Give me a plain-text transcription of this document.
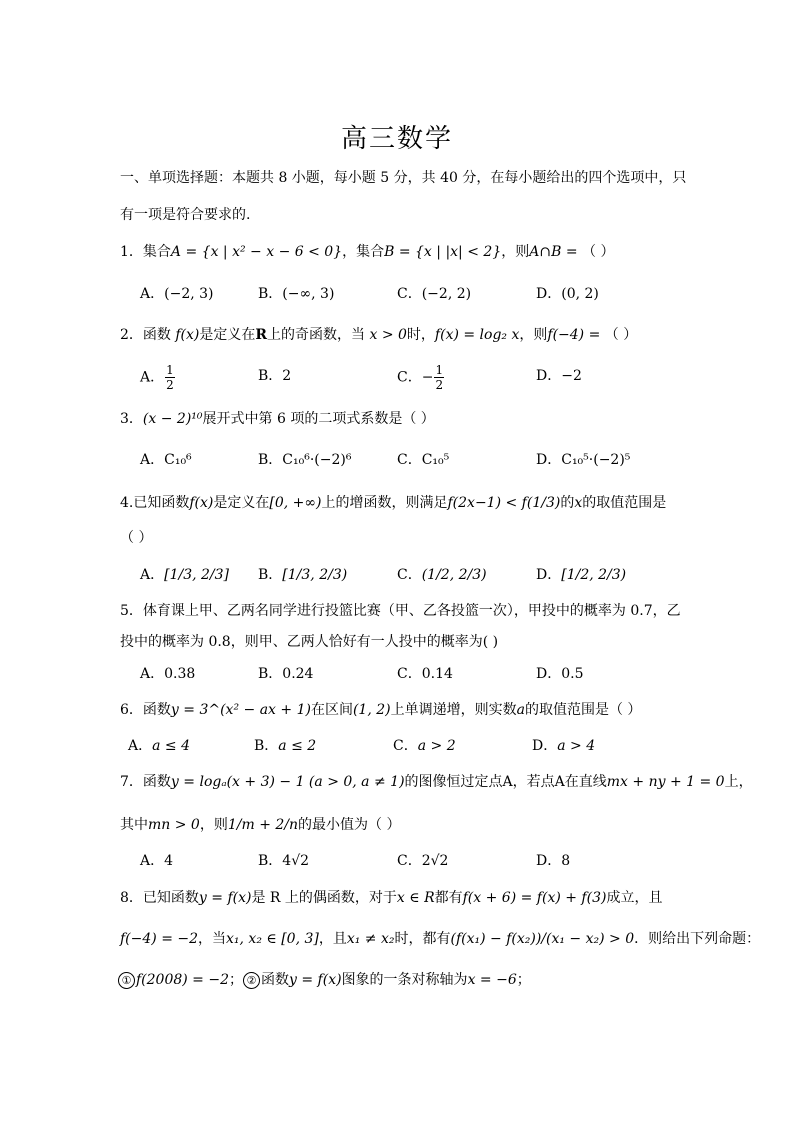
高三数学
一、单项选择题：本题共 8 小题，每小题 5 分，共 40 分，在每小题给出的四个选项中，只
有一项是符合要求的.
1．集合A = {x | x² − x − 6 < 0}，集合B = {x | |x| < 2}，则A∩B = （ ）
A．(−2, 3)	B．(−∞, 3)	C．(−2, 2)	D．(0, 2)
2．函数 f(x)是定义在R上的奇函数，当 x > 0时，f(x) = log₂ x，则f(−4) = （ ）
A． $\frac{1}{2}$	B．2	C．− $\frac{1}{2}$	D．−2
3．(x − 2)¹⁰展开式中第 6 项的二项式系数是（ ）
A．C₁₀⁶	B．C₁₀⁶·(−2)⁶	C．C₁₀⁵	D．C₁₀⁵·(−2)⁵
4.已知函数f(x)是定义在[0, +∞)上的增函数，则满足f(2x−1) < f(1/3)的x的取值范围是
（ ）
A．[1/3, 2/3] B．[1/3, 2/3)	C．(1/2, 2/3)	D．[1/2, 2/3)
5．体育课上甲、乙两名同学进行投篮比赛（甲、乙各投篮一次），甲投中的概率为 0.7，乙
投中的概率为 0.8，则甲、乙两人恰好有一人投中的概率为( )
A．0.38	B．0.24	C．0.14	D．0.5
6．函数y = 3^(x² − ax + 1)在区间(1, 2)上单调递增，则实数a的取值范围是（ ）
A．a ≤ 4	B．a ≤ 2	C．a > 2	D．a > 4
7．函数y = logₐ(x + 3) − 1 (a > 0, a ≠ 1)的图像恒过定点A，若点A在直线mx + ny + 1 = 0上，
其中mn > 0，则1/m + 2/n的最小值为（ ）
A．4	B．4√2	C．2√2	D．8
8．已知函数y = f(x)是 R 上的偶函数，对于x ∈ R都有f(x + 6) = f(x) + f(3)成立，且
f(−4) = −2，当x₁, x₂ ∈ [0, 3]，且x₁ ≠ x₂时，都有(f(x₁) − f(x₂))/(x₁ − x₂) > 0．则给出下列命题：
① f(2008) = −2； ② 函数y = f(x)图象的一条对称轴为x = −6；
